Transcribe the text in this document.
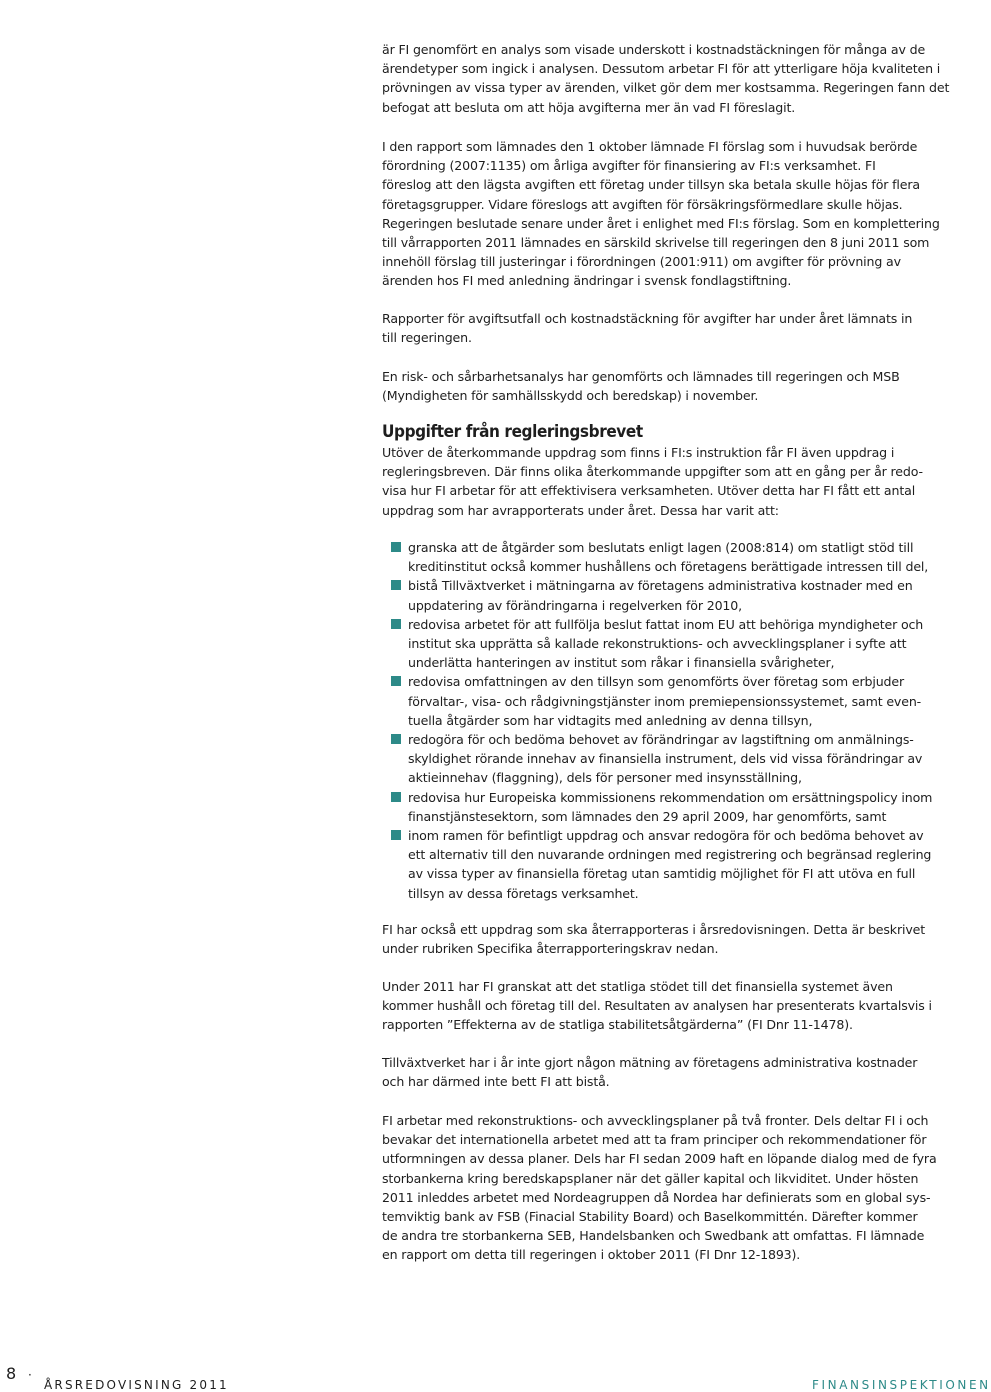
är FI genomfört en analys som visade underskott i kostnadstäckningen för många av de
ärendetyper som ingick i analysen. Dessutom arbetar FI för att ytterligare höja kvaliteten i
prövningen av vissa typer av ärenden, vilket gör dem mer kostsamma. Regeringen fann det
befogat att besluta om att höja avgifterna mer än vad FI föreslagit.
I den rapport som lämnades den 1 oktober lämnade FI förslag som i huvudsak berörde
förordning (2007:1135) om årliga avgifter för finansiering av FI:s verksamhet. FI
föreslog att den lägsta avgiften ett företag under tillsyn ska betala skulle höjas för flera
företagsgrupper. Vidare föreslogs att avgiften för försäkringsförmedlare skulle höjas.
Regeringen beslutade senare under året i enlighet med FI:s förslag. Som en komplettering
till vårrapporten 2011 lämnades en särskild skrivelse till regeringen den 8 juni 2011 som
innehöll förslag till justeringar i förordningen (2001:911) om avgifter för prövning av
ärenden hos FI med anledning ändringar i svensk fondlagstiftning.
Rapporter för avgiftsutfall och kostnadstäckning för avgifter har under året lämnats in
till regeringen.
En risk- och sårbarhetsanalys har genomförts och lämnades till regeringen och MSB
(Myndigheten för samhällsskydd och beredskap) i november.
Uppgifter från regleringsbrevet
Utöver de återkommande uppdrag som finns i FI:s instruktion får FI även uppdrag i
regleringsbreven. Där finns olika återkommande uppgifter som att en gång per år redo-
visa hur FI arbetar för att effektivisera verksamheten. Utöver detta har FI fått ett antal
uppdrag som har avrapporterats under året. Dessa har varit att:
granska att de åtgärder som beslutats enligt lagen (2008:814) om statligt stöd till
kreditinstitut också kommer hushållens och företagens berättigade intressen till del,
bistå Tillväxtverket i mätningarna av företagens administrativa kostnader med en
uppdatering av förändringarna i regelverken för 2010,
redovisa arbetet för att fullfölja beslut fattat inom EU att behöriga myndigheter och
institut ska upprätta så kallade rekonstruktions- och avvecklingsplaner i syfte att
underlätta hanteringen av institut som råkar i finansiella svårigheter,
redovisa omfattningen av den tillsyn som genomförts över företag som erbjuder
förvaltar-, visa- och rådgivningstjänster inom premiepensionssystemet, samt even-
tuella åtgärder som har vidtagits med anledning av denna tillsyn,
redogöra för och bedöma behovet av förändringar av lagstiftning om anmälnings-
skyldighet rörande innehav av finansiella instrument, dels vid vissa förändringar av
aktieinnehav (flaggning), dels för personer med insynsställning,
redovisa hur Europeiska kommissionens rekommendation om ersättningspolicy inom
finanstjänstesektorn, som lämnades den 29 april 2009, har genomförts, samt
inom ramen för befintligt uppdrag och ansvar redogöra för och bedöma behovet av
ett alternativ till den nuvarande ordningen med registrering och begränsad reglering
av vissa typer av finansiella företag utan samtidig möjlighet för FI att utöva en full
tillsyn av dessa företags verksamhet.
FI har också ett uppdrag som ska återrapporteras i årsredovisningen. Detta är beskrivet
under rubriken Specifika återrapporteringskrav nedan.
Under 2011 har FI granskat att det statliga stödet till det finansiella systemet även
kommer hushåll och företag till del. Resultaten av analysen har presenterats kvartalsvis i
rapporten ”Effekterna av de statliga stabilitetsåtgärderna” (FI Dnr 11-1478).
Tillväxtverket har i år inte gjort någon mätning av företagens administrativa kostnader
och har därmed inte bett FI att bistå.
FI arbetar med rekonstruktions- och avvecklingsplaner på två fronter. Dels deltar FI i och
bevakar det internationella arbetet med att ta fram principer och rekommendationer för
utformningen av dessa planer. Dels har FI sedan 2009 haft en löpande dialog med de fyra
storbankerna kring beredskapsplaner när det gäller kapital och likviditet. Under hösten
2011 inleddes arbetet med Nordeagruppen då Nordea har definierats som en global sys-
temviktig bank av FSB (Finacial Stability Board) och Baselkommittén. Därefter kommer
de andra tre storbankerna SEB, Handelsbanken och Swedbank att omfattas. FI lämnade
en rapport om detta till regeringen i oktober 2011 (FI Dnr 12-1893).
8 ·
ÅRSREDOVISNING 2011	FINANSINSPEKTIONEN
